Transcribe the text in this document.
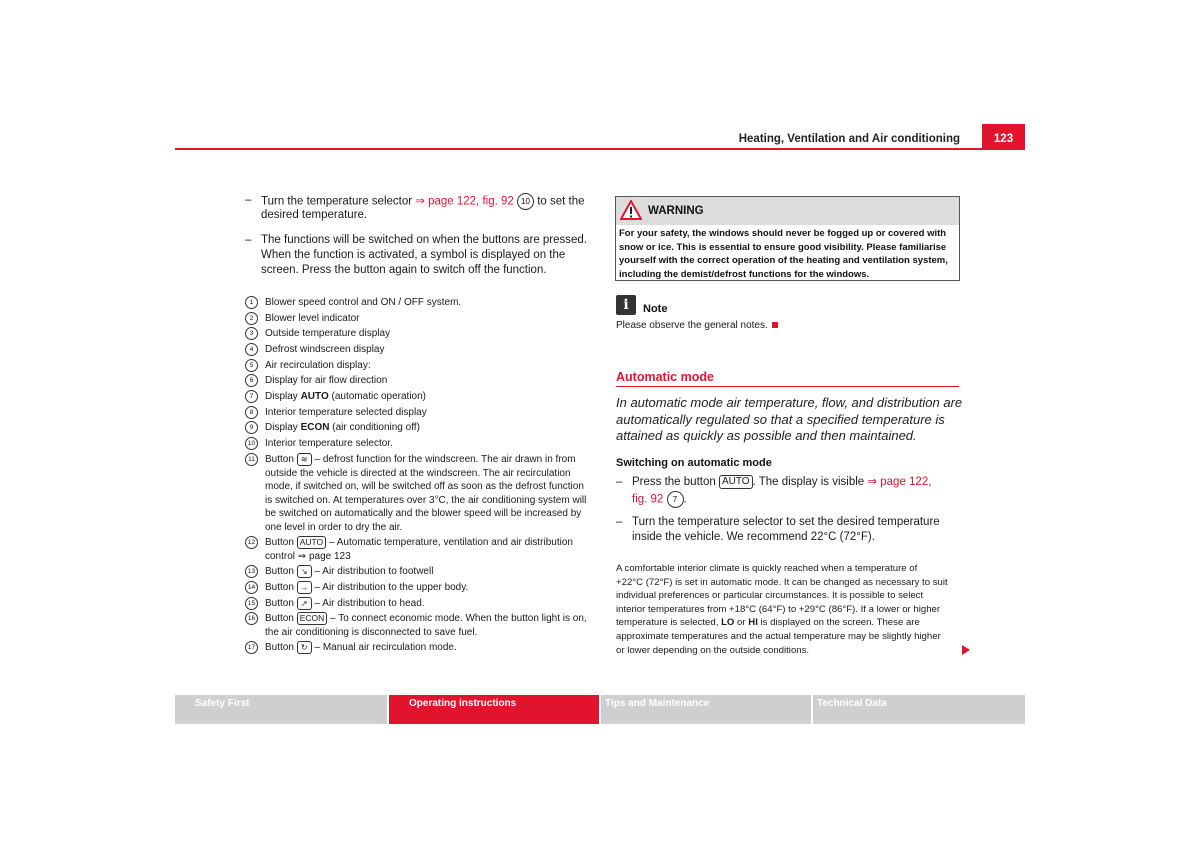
Heating, Ventilation and Air conditioning	123
– Turn the temperature selector ⇒ page 122, fig. 92 10 to set the
desired temperature.
– The functions will be switched on when the buttons are pressed.
When the function is activated, a symbol is displayed on the
screen. Press the button again to switch off the function.
1	Blower speed control and ON / OFF system.
2	Blower level indicator
3	Outside temperature display
4	Defrost windscreen display
5	Air recirculation display:
6	Display for air flow direction
7	Display AUTO (automatic operation)
8	Interior temperature selected display
9	Display ECON (air conditioning off)
10 Interior temperature selector.
11	Button ≋ – defrost function for the windscreen. The air drawn in from
outside the vehicle is directed at the windscreen. The air recirculation
mode, if switched on, will be switched off as soon as the defrost function
is switched on. At temperatures over 3°C, the air conditioning system will
be switched on automatically and the blower speed will be increased by
one level in order to dry the air.
12 Button AUTO – Automatic temperature, ventilation and air distribution
control ⇒ page 123
13 Button ↘ – Air distribution to footwell
14 Button → – Air distribution to the upper body.
15 Button ↗ – Air distribution to head.
16 Button ECON – To connect economic mode. When the button light is on,
the air conditioning is disconnected to save fuel.
17 Button ↻ – Manual air recirculation mode.
WARNING
For your safety, the windows should never be fogged up or covered with
snow or ice. This is essential to ensure good visibility. Please familiarise
yourself with the correct operation of the heating and ventilation system,
including the demist/defrost functions for the windows.
i	Note
Please observe the general notes.
Automatic mode
In automatic mode air temperature, flow, and distribution are
automatically regulated so that a specified temperature is
attained as quickly as possible and then maintained.
Switching on automatic mode
– Press the button AUTO . The display is visible ⇒ page 122,
fig. 92 7 .
– Turn the temperature selector to set the desired temperature
inside the vehicle. We recommend 22°C (72°F).
A comfortable interior climate is quickly reached when a temperature of
+22°C (72°F) is set in automatic mode. It can be changed as necessary to suit
individual preferences or particular circumstances. It is possible to select
interior temperatures from +18°C (64°F) to +29°C (86°F). If a lower or higher
temperature is selected, LO or HI is displayed on the screen. These are
approximate temperatures and the actual temperature may be slightly higher
or lower depending on the outside conditions.
Safety First	Operating instructions	Tips and Maintenance	Technical Data
